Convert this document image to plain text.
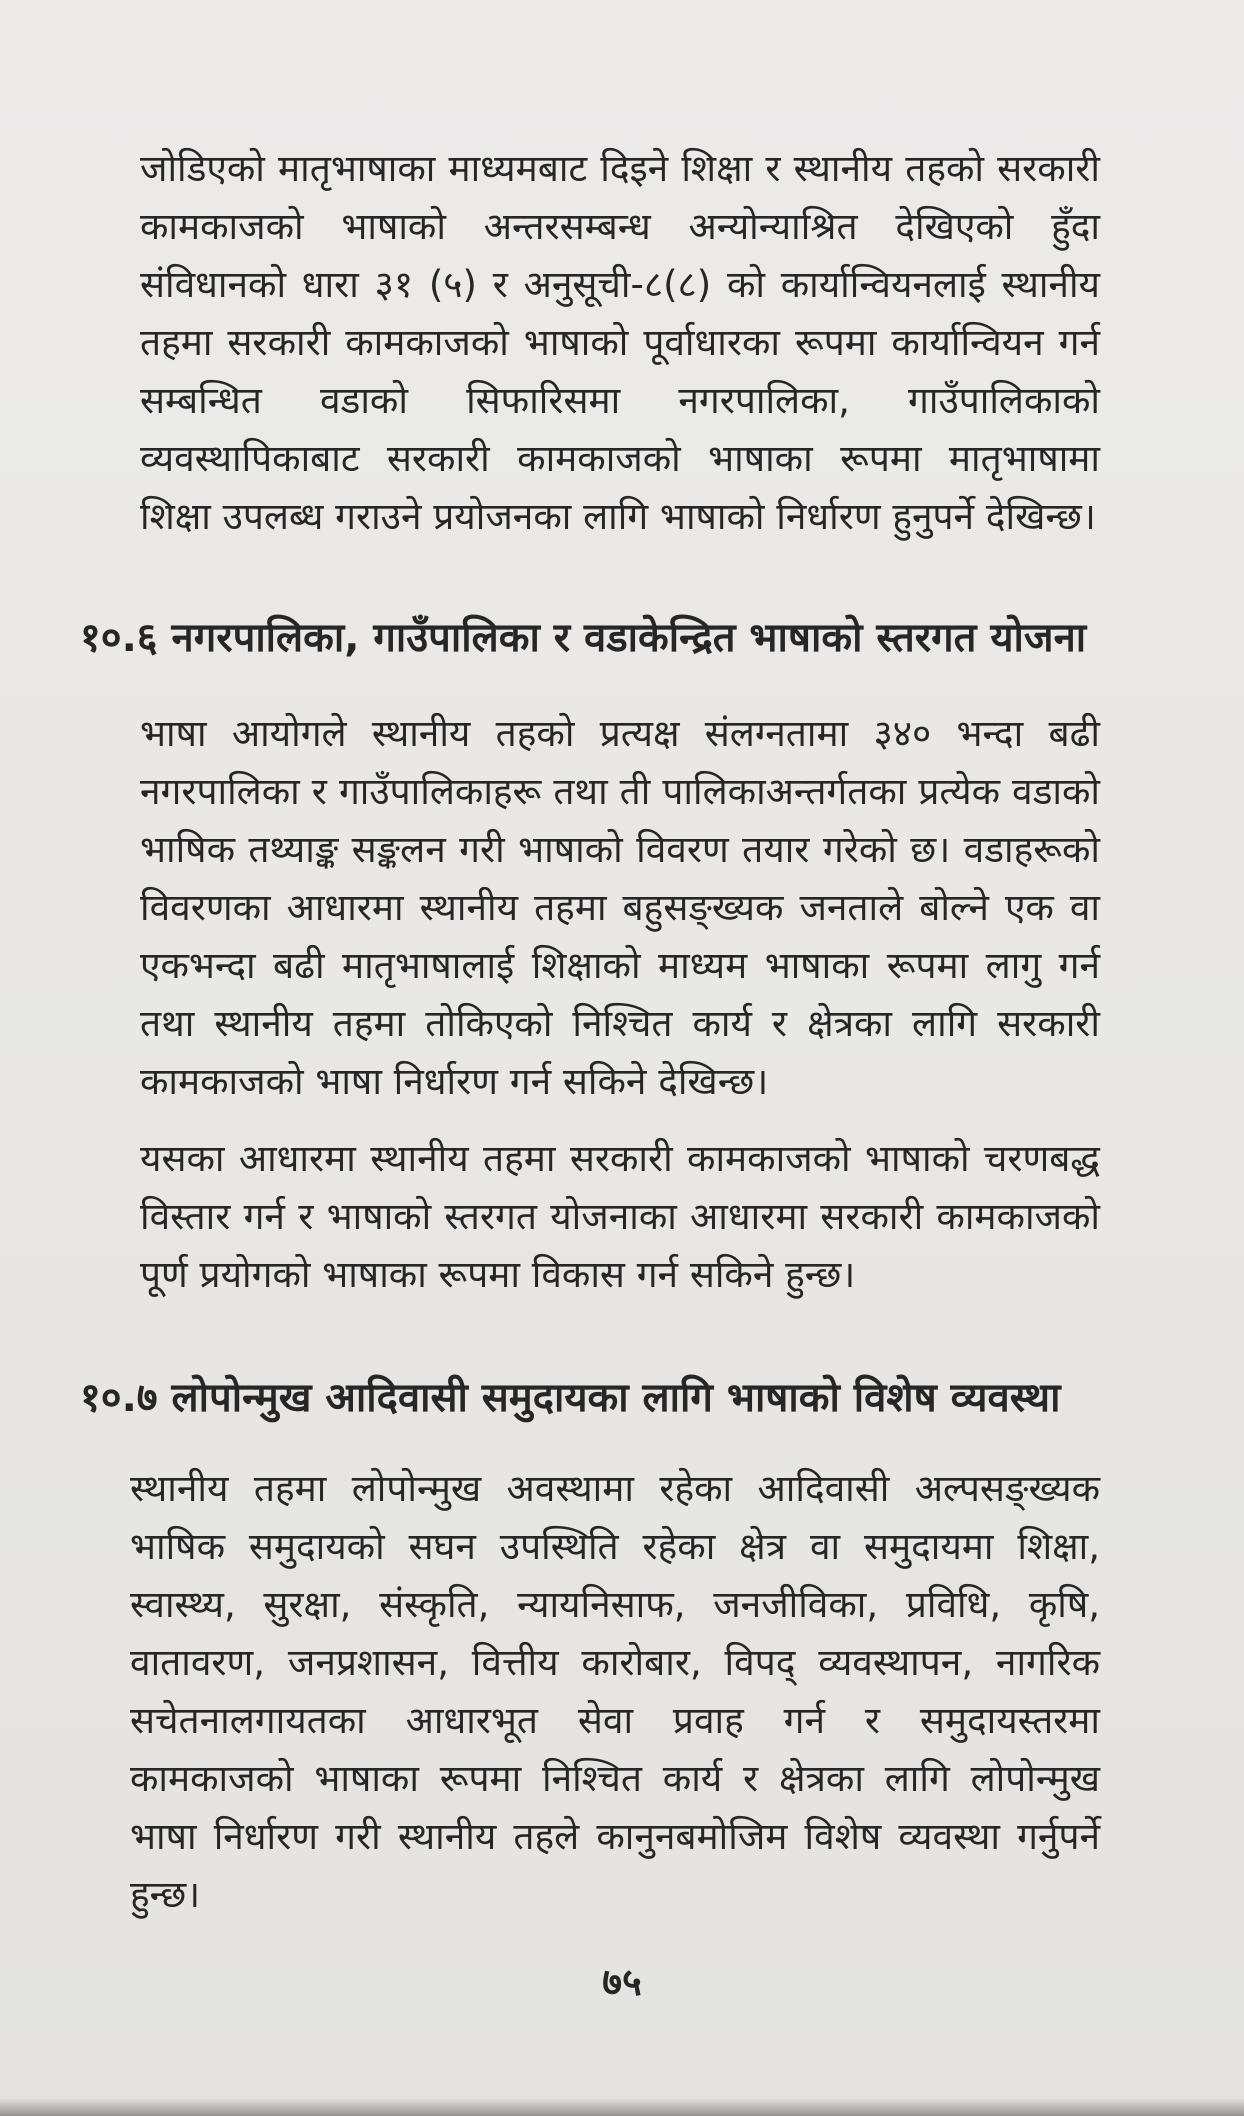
जोडिएको मातृभाषाका माध्यमबाट दिइने शिक्षा र स्थानीय तहको सरकारी कामकाजको भाषाको अन्तरसम्बन्ध अन्योन्याश्रित देखिएको हुँदा संविधानको धारा ३१ (५) र अनुसूची-८(८) को कार्यान्वियनलाई स्थानीय तहमा सरकारी कामकाजको भाषाको पूर्वाधारका रूपमा कार्यान्वियन गर्न सम्बन्धित वडाको सिफारिसमा नगरपालिका, गाउँपालिकाको व्यवस्थापिकाबाट सरकारी कामकाजको भाषाका रूपमा मातृभाषामा शिक्षा उपलब्ध गराउने प्रयोजनका लागि भाषाको निर्धारण हुनुपर्ने देखिन्छ।

१०.६ नगरपालिका, गाउँपालिका र वडाकेन्द्रित भाषाको स्तरगत योजना

भाषा आयोगले स्थानीय तहको प्रत्यक्ष संलग्नतामा ३४० भन्दा बढी नगरपालिका र गाउँपालिकाहरू तथा ती पालिकाअन्तर्गतका प्रत्येक वडाको भाषिक तथ्याङ्क सङ्कलन गरी भाषाको विवरण तयार गरेको छ। वडाहरूको विवरणका आधारमा स्थानीय तहमा बहुसङ्ख्यक जनताले बोल्ने एक वा एकभन्दा बढी मातृभाषालाई शिक्षाको माध्यम भाषाका रूपमा लागु गर्न तथा स्थानीय तहमा तोकिएको निश्चित कार्य र क्षेत्रका लागि सरकारी कामकाजको भाषा निर्धारण गर्न सकिने देखिन्छ।

यसका आधारमा स्थानीय तहमा सरकारी कामकाजको भाषाको चरणबद्ध विस्तार गर्न र भाषाको स्तरगत योजनाका आधारमा सरकारी कामकाजको पूर्ण प्रयोगको भाषाका रूपमा विकास गर्न सकिने हुन्छ।

१०.७ लोपोन्मुख आदिवासी समुदायका लागि भाषाको विशेष व्यवस्था

स्थानीय तहमा लोपोन्मुख अवस्थामा रहेका आदिवासी अल्पसङ्ख्यक भाषिक समुदायको सघन उपस्थिति रहेका क्षेत्र वा समुदायमा शिक्षा, स्वास्थ्य, सुरक्षा, संस्कृति, न्यायनिसाफ, जनजीविका, प्रविधि, कृषि, वातावरण, जनप्रशासन, वित्तीय कारोबार, विपद् व्यवस्थापन, नागरिक सचेतनालगायतका आधारभूत सेवा प्रवाह गर्न र समुदायस्तरमा कामकाजको भाषाका रूपमा निश्चित कार्य र क्षेत्रका लागि लोपोन्मुख भाषा निर्धारण गरी स्थानीय तहले कानुनबमोजिम विशेष व्यवस्था गर्नुपर्ने हुन्छ।

७५
